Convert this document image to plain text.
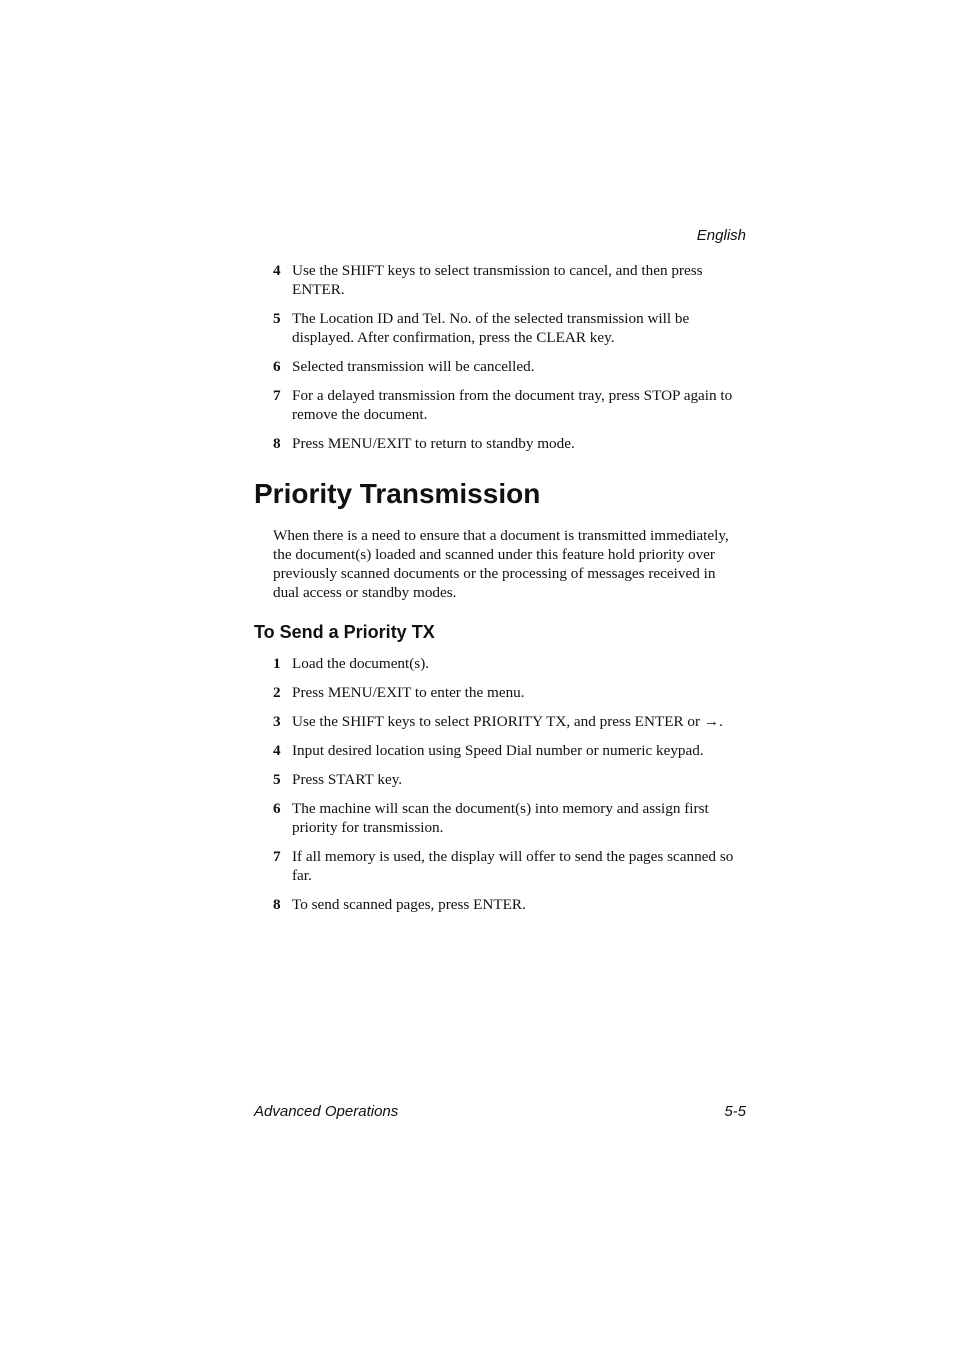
English
4 Use the SHIFT keys to select transmission to cancel, and then press ENTER.
5 The Location ID and Tel. No. of the selected transmission will be displayed. After confirmation, press the CLEAR key.
6 Selected transmission will be cancelled.
7 For a delayed transmission from the document tray, press STOP again to remove the document.
8 Press MENU/EXIT to return to standby mode.
Priority Transmission

When there is a need to ensure that a document is transmitted immediately, the document(s) loaded and scanned under this feature hold priority over previously scanned documents or the processing of messages received in dual access or standby modes.

To Send a Priority TX
1 Load the document(s).
2 Press MENU/EXIT to enter the menu.
3 Use the SHIFT keys to select PRIORITY TX, and press ENTER or →.
4 Input desired location using Speed Dial number or numeric keypad.
5 Press START key.
6 The machine will scan the document(s) into memory and assign first priority for transmission.
7 If all memory is used, the display will offer to send the pages scanned so far.
8 To send scanned pages, press ENTER.
Advanced Operations	5-5
